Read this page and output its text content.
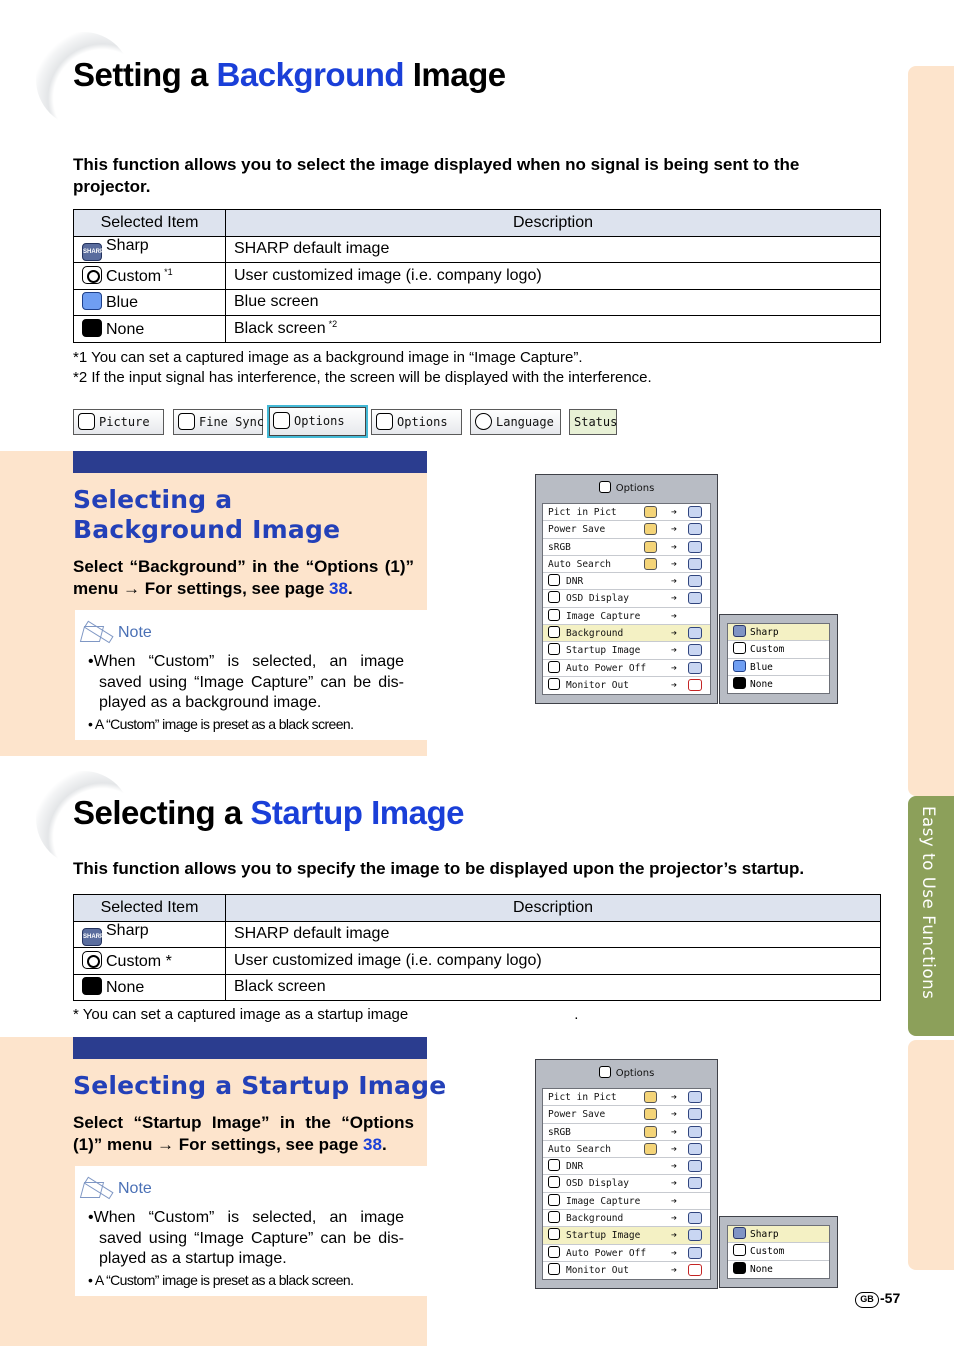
Setting a Background Image

This function allows you to select the image displayed when no signal is being sent to the projector.

Selected Item	Description
SHARP Sharp	SHARP default image
Custom $^{*1}$	User customized image (i.e. company logo)
Blue	Blue screen
None	Black screen $^{*2}$

*1 You can set a captured image as a background image in “Image Capture”.

*2 If the input signal has interference, the screen will be displayed with the interference.

Picture	Fine Sync	Options	Options	Language	Status
Selecting a
Background Image

Select “Background” in the “Options (1)” menu → For settings, see page 38.

Note

•When “Custom” is selected, an image saved using “Image Capture” can be dis-played as a background image.

• A “Custom” image is preset as a black screen.

Options
Pict in Pict	➔
Power Save	➔
sRGB	➔
Auto Search	➔
DNR	➔
OSD Display	➔
Image Capture	➔
Background	➔
Startup Image	➔
Auto Power Off ➔
Monitor Out	➔
Sharp
Custom
Blue
None
Selecting a Startup Image

This function allows you to specify the image to be displayed upon the projector’s startup.

Selected Item	Description
SHARP Sharp	SHARP default image
Custom *	User customized image (i.e. company logo)
None	Black screen

* You can set a captured image as a startup image	.

Selecting a Startup Image

Select “Startup Image” in the “Options (1)” menu → For settings, see page 38.

Note

•When “Custom” is selected, an image saved using “Image Capture” can be dis-played as a startup image.

• A “Custom” image is preset as a black screen.

Options
Pict in Pict	➔
Power Save	➔
sRGB	➔
Auto Search	➔
DNR	➔
OSD Display	➔
Image Capture	➔
Background	➔
Startup Image	➔
Auto Power Off ➔
Monitor Out	➔
Sharp
Custom
None
Easy to Use Functions
GB -57
